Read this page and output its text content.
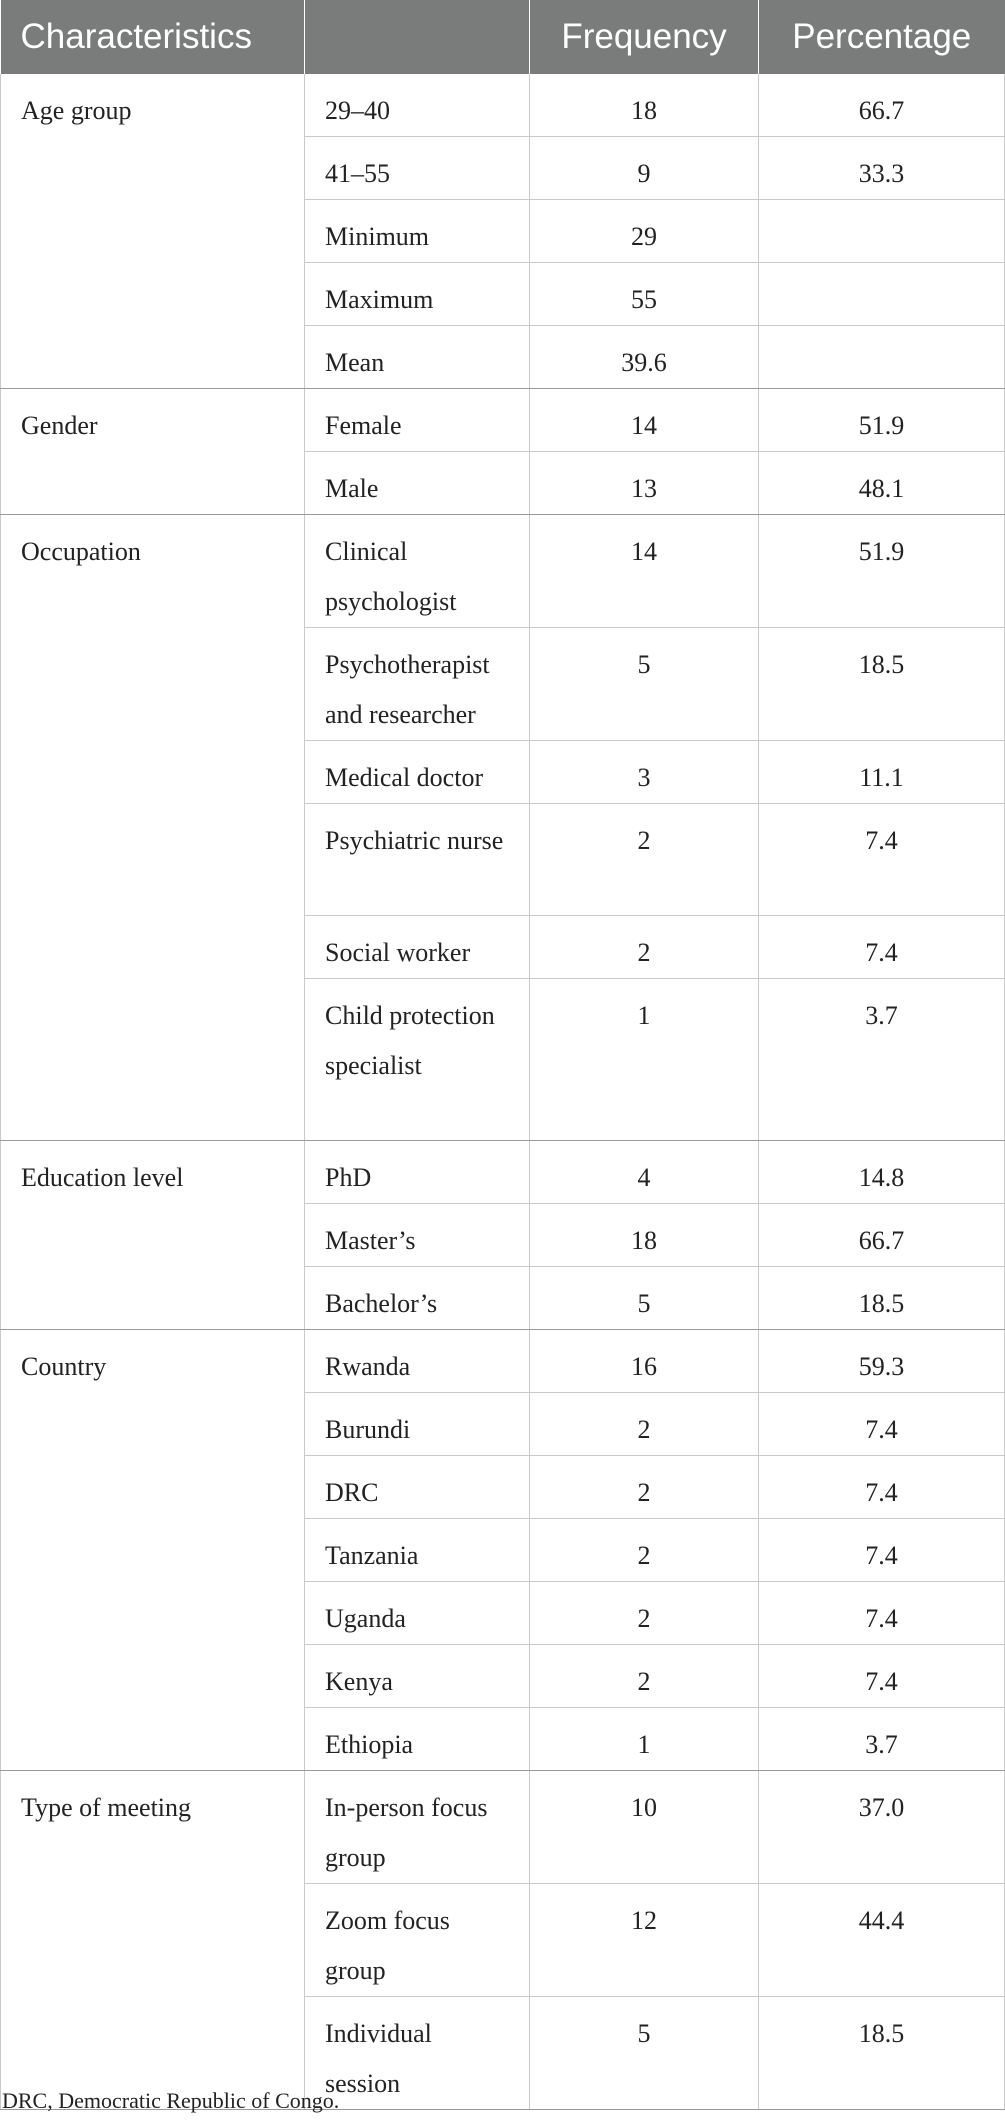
Characteristics		Frequency	Percentage
Age group	29–40	18	66.7
	41–55	9	33.3
	Minimum	29	
	Maximum	55	
	Mean	39.6	
Gender	Female	14	51.9
	Male	13	48.1
Occupation	Clinical psychologist	14	51.9
	Psychotherapist and researcher	5	18.5
	Medical doctor	3	11.1
	Psychiatric nurse	2	7.4
	Social worker	2	7.4
	Child protection specialist	1	3.7
Education level	PhD	4	14.8
	Master’s	18	66.7
	Bachelor’s	5	18.5
Country	Rwanda	16	59.3
	Burundi	2	7.4
	DRC	2	7.4
	Tanzania	2	7.4
	Uganda	2	7.4
	Kenya	2	7.4
	Ethiopia	1	3.7
Type of meeting	In-person focus group	10	37.0
	Zoom focus group	12	44.4
	Individual session	5	18.5

DRC, Democratic Republic of Congo.
